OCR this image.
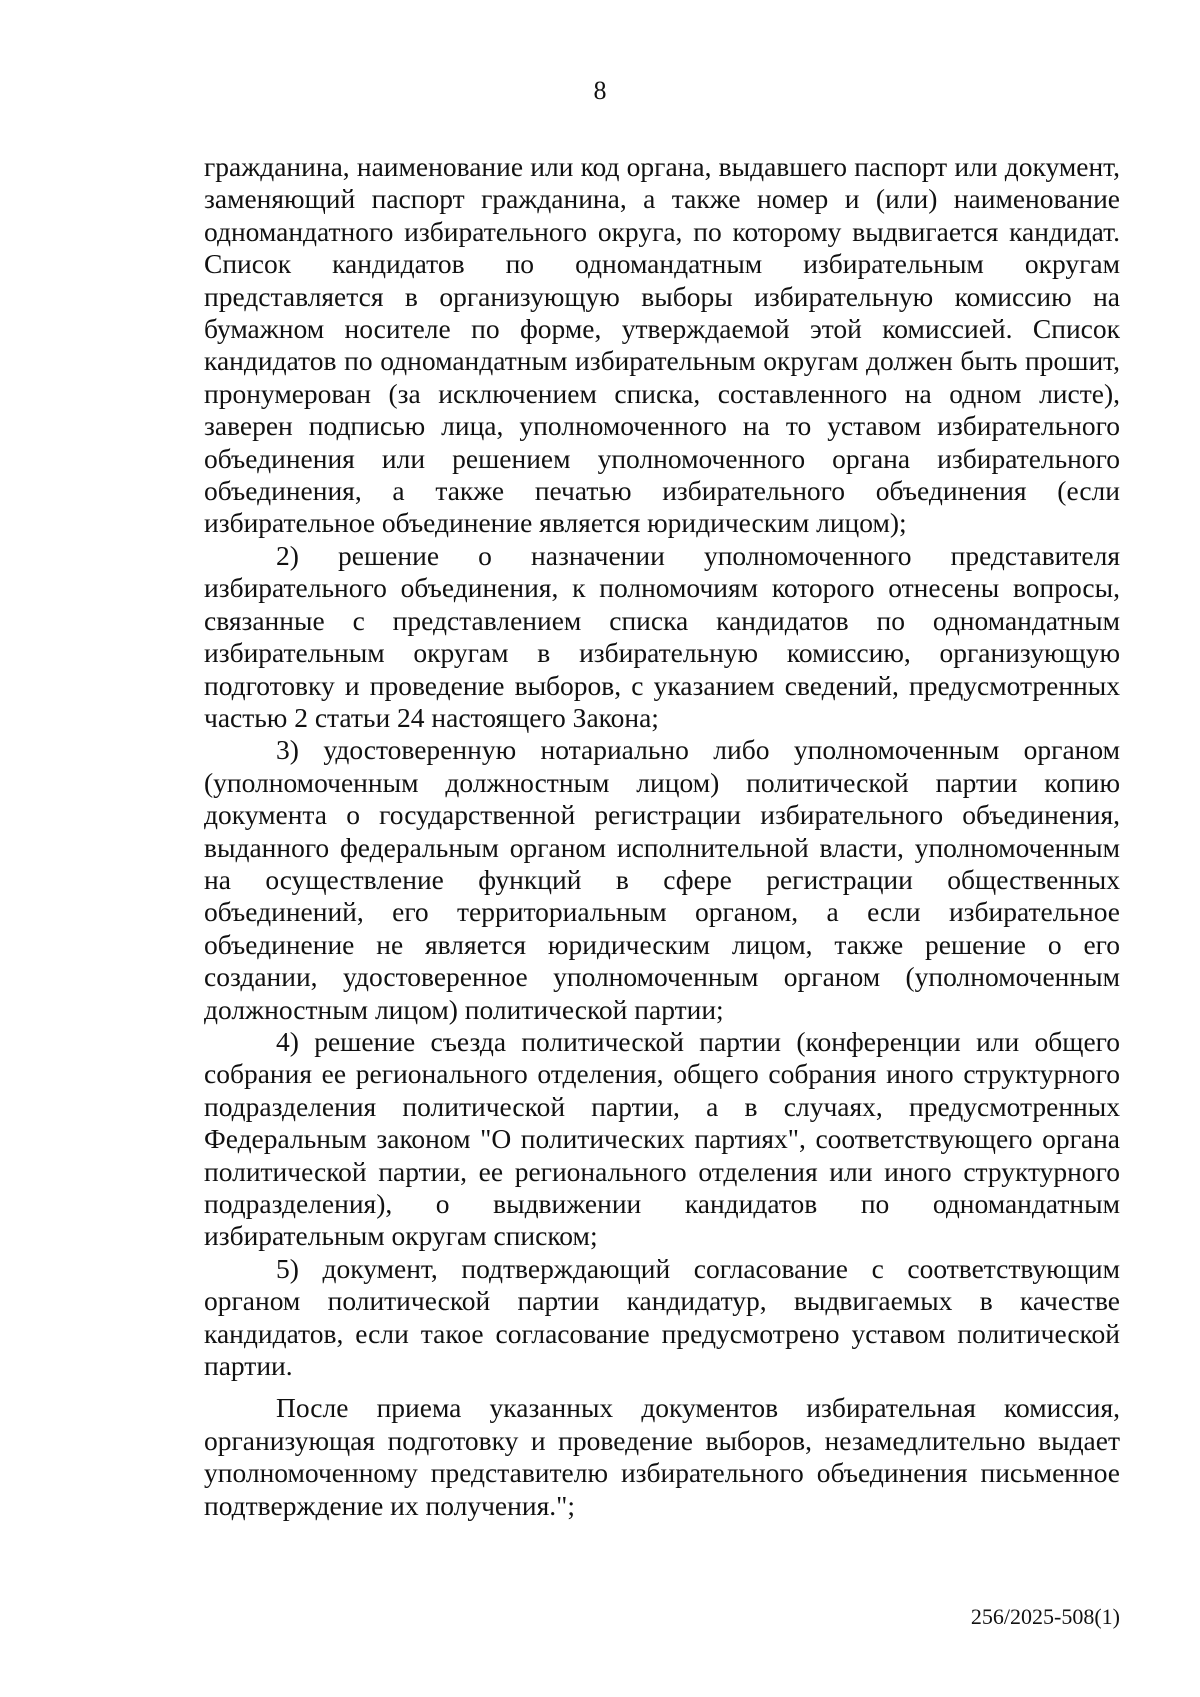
8

гражданина, наименование или код органа, выдавшего паспорт или документ, заменяющий паспорт гражданина, а также номер и (или) наименование одномандатного избирательного округа, по которому выдвигается кандидат. Список кандидатов по одномандатным избирательным округам представляется в организующую выборы избирательную комиссию на бумажном носителе по форме, утверждаемой этой комиссией. Список кандидатов по одномандатным избирательным округам должен быть прошит, пронумерован (за исключением списка, составленного на одном листе), заверен подписью лица, уполномоченного на то уставом избирательного объединения или решением уполномоченного органа избирательного объединения, а также печатью избирательного объединения (если избирательное объединение является юридическим лицом);

2) решение о назначении уполномоченного представителя избирательного объединения, к полномочиям которого отнесены вопросы, связанные с представлением списка кандидатов по одномандатным избирательным округам в избирательную комиссию, организующую подготовку и проведение выборов, с указанием сведений, предусмотренных частью 2 статьи 24 настоящего Закона;

3) удостоверенную нотариально либо уполномоченным органом (уполномоченным должностным лицом) политической партии копию документа о государственной регистрации избирательного объединения, выданного федеральным органом исполнительной власти, уполномоченным на осуществление функций в сфере регистрации общественных объединений, его территориальным органом, а если избирательное объединение не является юридическим лицом, также решение о его создании, удостоверенное уполномоченным органом (уполномоченным должностным лицом) политической партии;

4) решение съезда политической партии (конференции или общего собрания ее регионального отделения, общего собрания иного структурного подразделения политической партии, а в случаях, предусмотренных Федеральным законом "О политических партиях", соответствующего органа политической партии, ее регионального отделения или иного структурного подразделения), о выдвижении кандидатов по одномандатным избирательным округам списком;

5) документ, подтверждающий согласование с соответствующим органом политической партии кандидатур, выдвигаемых в качестве кандидатов, если такое согласование предусмотрено уставом политической партии.

После приема указанных документов избирательная комиссия, организующая подготовку и проведение выборов, незамедлительно выдает уполномоченному представителю избирательного объединения письменное подтверждение их получения.";

256/2025-508(1)
